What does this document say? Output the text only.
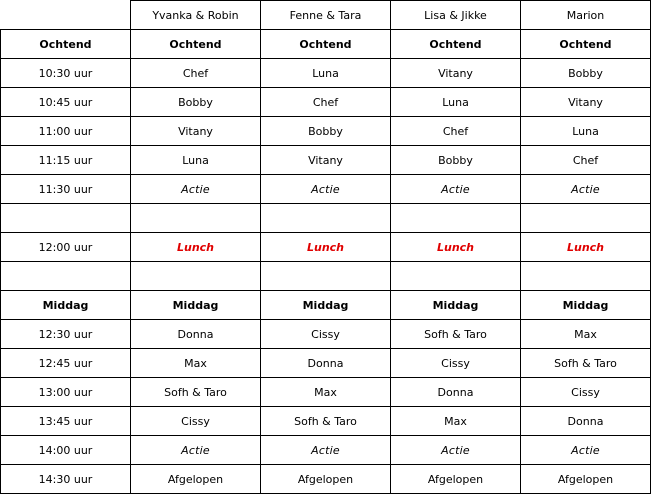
	Yvanka & Robin	Fenne & Tara	Lisa & Jikke	Marion
Ochtend	Ochtend	Ochtend	Ochtend	Ochtend
10:30 uur	Chef	Luna	Vitany	Bobby
10:45 uur	Bobby	Chef	Luna	Vitany
11:00 uur	Vitany	Bobby	Chef	Luna
11:15 uur	Luna	Vitany	Bobby	Chef
11:30 uur	Actie	Actie	Actie	Actie

12:00 uur	Lunch	Lunch	Lunch	Lunch

Middag	Middag	Middag	Middag	Middag
12:30 uur	Donna	Cissy	Sofh & Taro	Max
12:45 uur	Max	Donna	Cissy	Sofh & Taro
13:00 uur	Sofh & Taro	Max	Donna	Cissy
13:45 uur	Cissy	Sofh & Taro	Max	Donna
14:00 uur	Actie	Actie	Actie	Actie
14:30 uur	Afgelopen	Afgelopen	Afgelopen	Afgelopen
